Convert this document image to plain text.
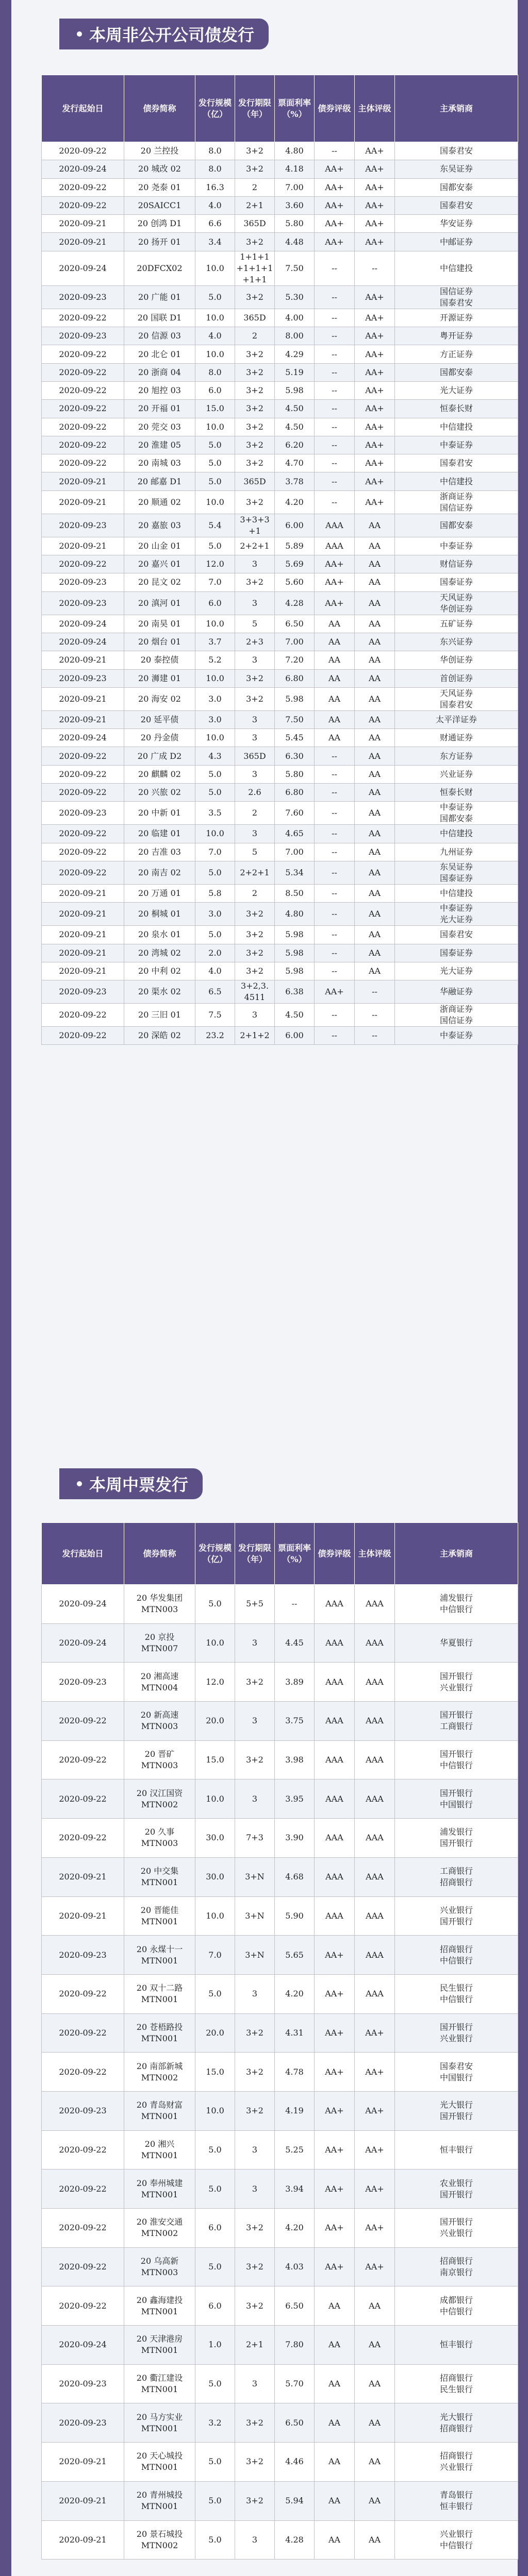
本周非公开公司债发行
发行起始日	债券简称	发行规模（亿）	发行期限（年）	票面利率（%）	债券评级	主体评级	主承销商
2020-09-22	20 兰控投	8.0	3+2	4.80	--	AA+	国泰君安
2020-09-24	20 城改 02	8.0	3+2	4.18	AA+	AA+	东吴证券
2020-09-22	20 尧泰 01	16.3	2	7.00	AA+	AA+	国都安泰
2020-09-22	20SAICC1	4.0	2+1	3.60	AA+	AA+	国泰君安
2020-09-21	20 创鸿 D1	6.6	365D	5.80	AA+	AA+	华安证券
2020-09-21	20 扬开 01	3.4	3+2	4.48	AA+	AA+	中邮证券
2020-09-24	20DFCX02	10.0	1+1+1
+1+1+1
+1+1	7.50	--	--	中信建投
2020-09-23	20 广能 01	5.0	3+2	5.30	--	AA+	国信证券
国泰君安
2020-09-22	20 国联 D1	10.0	365D	4.00	--	AA+	开源证券
2020-09-23	20 信源 03	4.0	2	8.00	--	AA+	粤开证券
2020-09-22	20 北仑 01	10.0	3+2	4.29	--	AA+	方正证券
2020-09-22	20 浙商 04	8.0	3+2	5.19	--	AA+	国都安泰
2020-09-22	20 旭控 03	6.0	3+2	5.98	--	AA+	光大证券
2020-09-22	20 开福 01	15.0	3+2	4.50	--	AA+	恒泰长财
2020-09-22	20 莞交 03	10.0	3+2	4.50	--	AA+	中信建投
2020-09-22	20 淮建 05	5.0	3+2	6.20	--	AA+	中泰证券
2020-09-22	20 南城 03	5.0	3+2	4.70	--	AA+	国泰君安
2020-09-21	20 邮嘉 D1	5.0	365D	3.78	--	AA+	中信建投
2020-09-21	20 顺通 02	10.0	3+2	4.20	--	AA+	浙商证券
国信证券
2020-09-23	20 嘉旅 03	5.4	3+3+3
+1	6.00	AAA	AA	国都安泰
2020-09-21	20 山金 01	5.0	2+2+1	5.89	AAA	AA	中泰证券
2020-09-22	20 嘉兴 01	12.0	3	5.69	AA+	AA	财信证券
2020-09-23	20 昆文 02	7.0	3+2	5.60	AA+	AA	国泰证券
2020-09-23	20 滇河 01	6.0	3	4.28	AA+	AA	天风证券
华创证券
2020-09-24	20 南昊 01	10.0	5	6.50	AA	AA	五矿证券
2020-09-24	20 烟台 01	3.7	2+3	7.00	AA	AA	东兴证券
2020-09-21	20 泰控债	5.2	3	7.20	AA	AA	华创证券
2020-09-23	20 浉建 01	10.0	3+2	6.80	AA	AA	首创证券
2020-09-21	20 海安 02	3.0	3+2	5.98	AA	AA	天风证券
国泰君安
2020-09-21	20 延平债	3.0	3	7.50	AA	AA	太平洋证券
2020-09-24	20 丹金债	10.0	3	5.45	AA	AA	财通证券
2020-09-22	20 广成 D2	4.3	365D	6.30	--	AA	东方证券
2020-09-22	20 麒麟 02	5.0	3	5.80	--	AA	兴业证券
2020-09-22	20 兴旅 02	5.0	2.6	6.80	--	AA	恒泰长财
2020-09-23	20 中新 01	3.5	2	7.60	--	AA	中泰证券
国都安泰
2020-09-22	20 临建 01	10.0	3	4.65	--	AA	中信建投
2020-09-22	20 吉准 03	7.0	5	7.00	--	AA	九州证券
2020-09-22	20 南吉 02	5.0	2+2+1	5.34	--	AA	东吴证券
国泰证券
2020-09-21	20 万通 01	5.8	2	8.50	--	AA	中信建投
2020-09-21	20 桐城 01	3.0	3+2	4.80	--	AA	中泰证券
光大证券
2020-09-21	20 泉水 01	5.0	3+2	5.98	--	AA	国泰君安
2020-09-21	20 湾城 02	2.0	3+2	5.98	--	AA	国泰证券
2020-09-21	20 中利 02	4.0	3+2	5.98	--	AA	光大证券
2020-09-23	20 渠水 02	6.5	3+2,3.
4511	6.38	AA+	--	华融证券
2020-09-22	20 三旧 01	7.5	3	4.50	--	--	浙商证券
国信证券
2020-09-22	20 深皓 02	23.2	2+1+2	6.00	--	--	中泰证券
本周中票发行
发行起始日	债券简称	发行规模（亿）	发行期限（年）	票面利率（%）	债券评级	主体评级	主承销商
2020-09-24	20 华发集团
MTN003	5.0	5+5	--	AAA	AAA	浦发银行
中信银行
2020-09-24	20 京投
MTN007	10.0	3	4.45	AAA	AAA	华夏银行
2020-09-23	20 湘高速
MTN004	12.0	3+2	3.89	AAA	AAA	国开银行
兴业银行
2020-09-22	20 新高速
MTN003	20.0	3	3.75	AAA	AAA	国开银行
工商银行
2020-09-22	20 晋矿
MTN003	15.0	3+2	3.98	AAA	AAA	国开银行
中信银行
2020-09-22	20 汉江国资
MTN002	10.0	3	3.95	AAA	AAA	国开银行
中国银行
2020-09-22	20 久事
MTN003	30.0	7+3	3.90	AAA	AAA	浦发银行
国开银行
2020-09-21	20 中交集
MTN001	30.0	3+N	4.68	AAA	AAA	工商银行
招商银行
2020-09-21	20 晋能佳
MTN001	10.0	3+N	5.90	AAA	AAA	兴业银行
国开银行
2020-09-23	20 永煤十一
MTN001	7.0	3+N	5.65	AA+	AAA	招商银行
中信银行
2020-09-22	20 双十二路
MTN001	5.0	3	4.20	AA+	AAA	民生银行
中信银行
2020-09-22	20 苍梧路投
MTN001	20.0	3+2	4.31	AA+	AA+	国开银行
兴业银行
2020-09-22	20 南部新城
MTN002	15.0	3+2	4.78	AA+	AA+	国泰君安
中国银行
2020-09-23	20 青岛财富
MTN001	10.0	3+2	4.19	AA+	AA+	光大银行
国开银行
2020-09-22	20 湘兴
MTN001	5.0	3	5.25	AA+	AA+	恒丰银行
2020-09-22	20 奉州城建
MTN001	5.0	3	3.94	AA+	AA+	农业银行
国开银行
2020-09-22	20 淮安交通
MTN002	6.0	3+2	4.20	AA+	AA+	国开银行
兴业银行
2020-09-22	20 乌高新
MTN003	5.0	3+2	4.03	AA+	AA+	招商银行
南京银行
2020-09-22	20 鑫海建投
MTN001	6.0	3+2	6.50	AA	AA	成都银行
中信银行
2020-09-24	20 天津港房
MTN001	1.0	2+1	7.80	AA	AA	恒丰银行
2020-09-23	20 衢江建设
MTN001	5.0	3	5.70	AA	AA	招商银行
民生银行
2020-09-23	20 马方实业
MTN001	3.2	3+2	6.50	AA	AA	光大银行
招商银行
2020-09-21	20 天心城投
MTN001	5.0	3+2	4.46	AA	AA	招商银行
兴业银行
2020-09-21	20 青州城投
MTN001	5.0	3+2	5.94	AA	AA	青岛银行
恒丰银行
2020-09-21	20 景石城投
MTN002	5.0	3	4.28	AA	AA	兴业银行
中信银行
